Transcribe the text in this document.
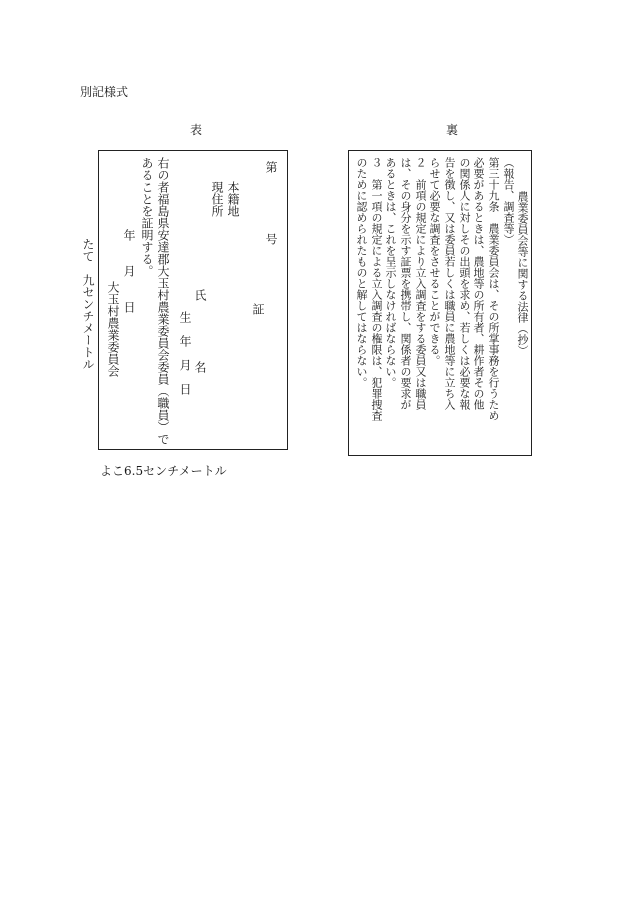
別記様式
表	裏
たて　九センチメートル
第　　　　　号
証
本籍地
現住所
氏　　　　　名
生　年　月　日
右の者福島県安達郡大玉村農業委員会委員（職員）で
あることを証明する。
年　　月　　日
大玉村農業委員会
よこ6.5センチメートル
農業委員会等に関する法律（抄）
（報告、調査等）
第三十九条　農業委員会は、その所掌事務を行うため
必要があるときは、農地等の所有者、耕作者その他
の関係人に対しその出頭を求め、若しくは必要な報
告を徴し、又は委員若しくは職員に農地等に立ち入
らせて必要な調査をさせることができる。
２　前項の規定により立入調査をする委員又は職員
は、その身分を示す証票を携帯し、関係者の要求が
あるときは、これを呈示しなければならない。
３　第一項の規定による立入調査の権限は、犯罪捜査
のために認められたものと解してはならない。
